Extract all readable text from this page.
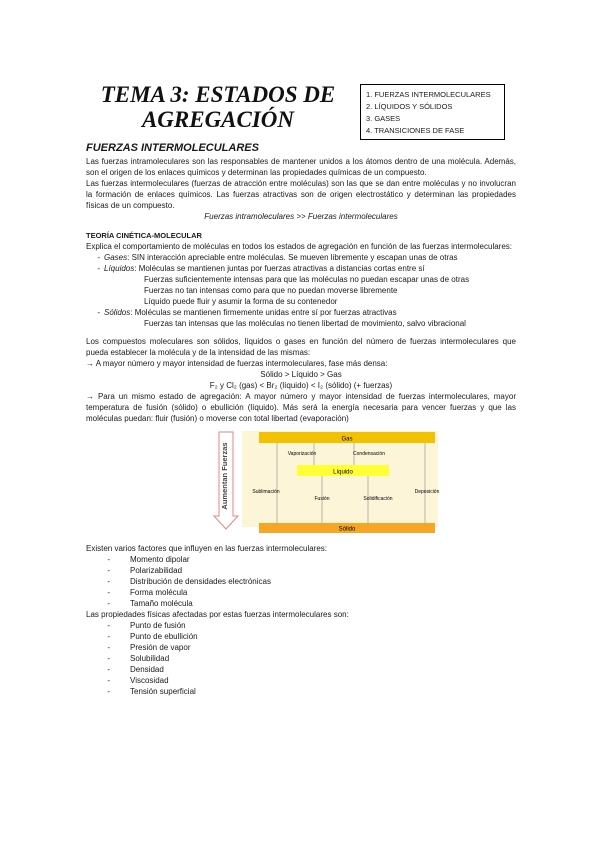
TEMA 3: ESTADOS DE AGREGACIÓN
1. FUERZAS INTERMOLECULARES
2. LÍQUIDOS Y SÓLIDOS
3. GASES
4. TRANSICIONES DE FASE
FUERZAS INTERMOLECULARES
Las fuerzas intramoleculares son las responsables de mantener unidos a los átomos dentro de una molécula. Además, son el origen de los enlaces químicos y determinan las propiedades químicas de un compuesto.
Las fuerzas intermoleculares (fuerzas de atracción entre moléculas) son las que se dan entre moléculas y no involucran la formación de enlaces químicos. Las fuerzas atractivas son de origen electrostático y determinan las propiedades físicas de un compuesto.
Fuerzas intramoleculares >> Fuerzas intermoleculares
TEORÍA CINÉTICA-MOLECULAR
Explica el comportamiento de moléculas en todos los estados de agregación en función de las fuerzas intermoleculares:
- Gases: SIN interacción apreciable entre moléculas. Se mueven libremente y escapan unas de otras
- Líquidos: Moléculas se mantienen juntas por fuerzas atractivas a distancias cortas entre sí
Fuerzas suficientemente intensas para que las moléculas no puedan escapar unas de otras
Fuerzas no tan intensas como para que no puedan moverse libremente
Líquido puede fluir y asumir la forma de su contenedor
- Sólidos: Moléculas se mantienen firmemente unidas entre sí por fuerzas atractivas
Fuerzas tan intensas que las moléculas no tienen libertad de movimiento, salvo vibracional
Los compuestos moleculares son sólidos, líquidos o gases en función del número de fuerzas intermoleculares que pueda establecer la molécula y de la intensidad de las mismas:
→ A mayor número y mayor intensidad de fuerzas intermoleculares, fase más densa:
Sólido > Líquido > Gas
F₂ y Cl₂ (gas) < Br₂ (líquido) < I₂ (sólido) (+ fuerzas)
→ Para un mismo estado de agregación: A mayor número y mayor intensidad de fuerzas intermoleculares, mayor temperatura de fusión (sólido) o ebullición (líquido). Más será la energía necesaria para vencer fuerzas y que las moléculas puedan: fluir (fusión) o moverse con total libertad (evaporación)
Aumentan Fuerzas
Gas
Vaporización	Condensación
Líquido
Sublimación
Fusión	Solidificación
Deposición
Sólido
Existen varios factores que influyen en las fuerzas intermoleculares:
-	Momento dipolar
-	Polarizabilidad
-	Distribución de densidades electrónicas
-	Forma molécula
-	Tamaño molécula
Las propiedades físicas afectadas por estas fuerzas intermoleculares son:
-	Punto de fusión
-	Punto de ebullición
-	Presión de vapor
-	Solubilidad
-	Densidad
-	Viscosidad
-	Tensión superficial
